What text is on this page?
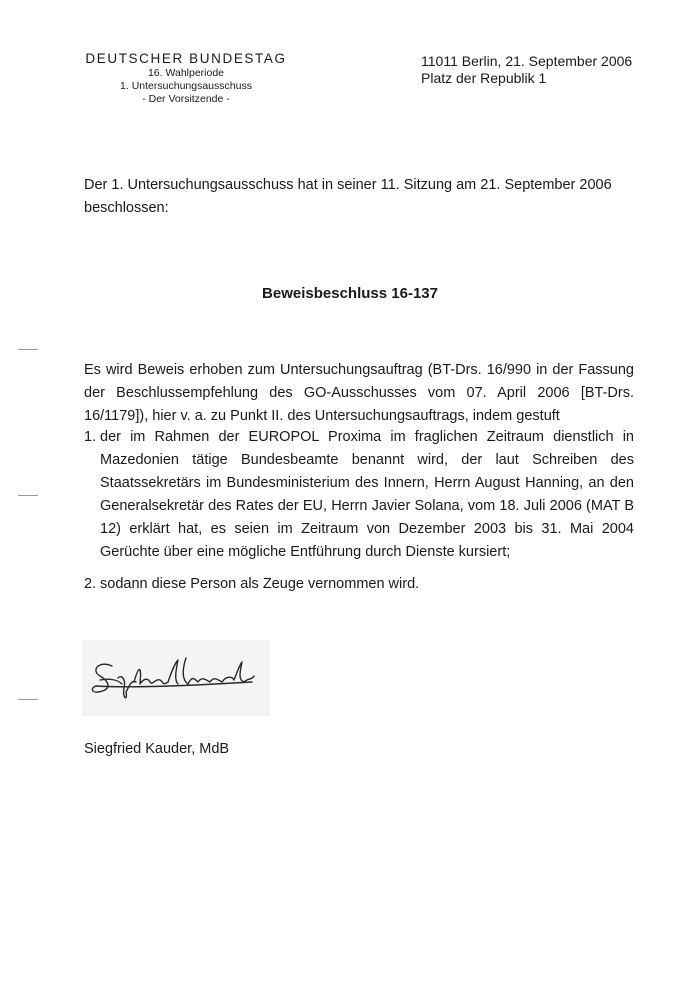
DEUTSCHER BUNDESTAG
16. Wahlperiode
1. Untersuchungsausschuss
- Der Vorsitzende -
11011 Berlin, 21. September 2006
Platz der Republik 1
Der 1. Untersuchungsausschuss hat in seiner 11. Sitzung am 21. September 2006 beschlossen:
Beweisbeschluss 16-137
Es wird Beweis erhoben zum Untersuchungsauftrag (BT-Drs. 16/990 in der Fassung der Beschlussempfehlung des GO-Ausschusses vom 07. April 2006 [BT-Drs. 16/1179]), hier v. a. zu Punkt II. des Untersuchungsauftrags, indem gestuft
1. der im Rahmen der EUROPOL Proxima im fraglichen Zeitraum dienstlich in Mazedonien tätige Bundesbeamte benannt wird, der laut Schreiben des Staatssekretärs im Bundesministerium des Innern, Herrn August Hanning, an den Generalsekretär des Rates der EU, Herrn Javier Solana, vom 18. Juli 2006 (MAT B 12) erklärt hat, es seien im Zeitraum von Dezember 2003 bis 31. Mai 2004 Gerüchte über eine mögliche Entführung durch Dienste kursiert;
2. sodann diese Person als Zeuge vernommen wird.
Siegfried Kauder, MdB
